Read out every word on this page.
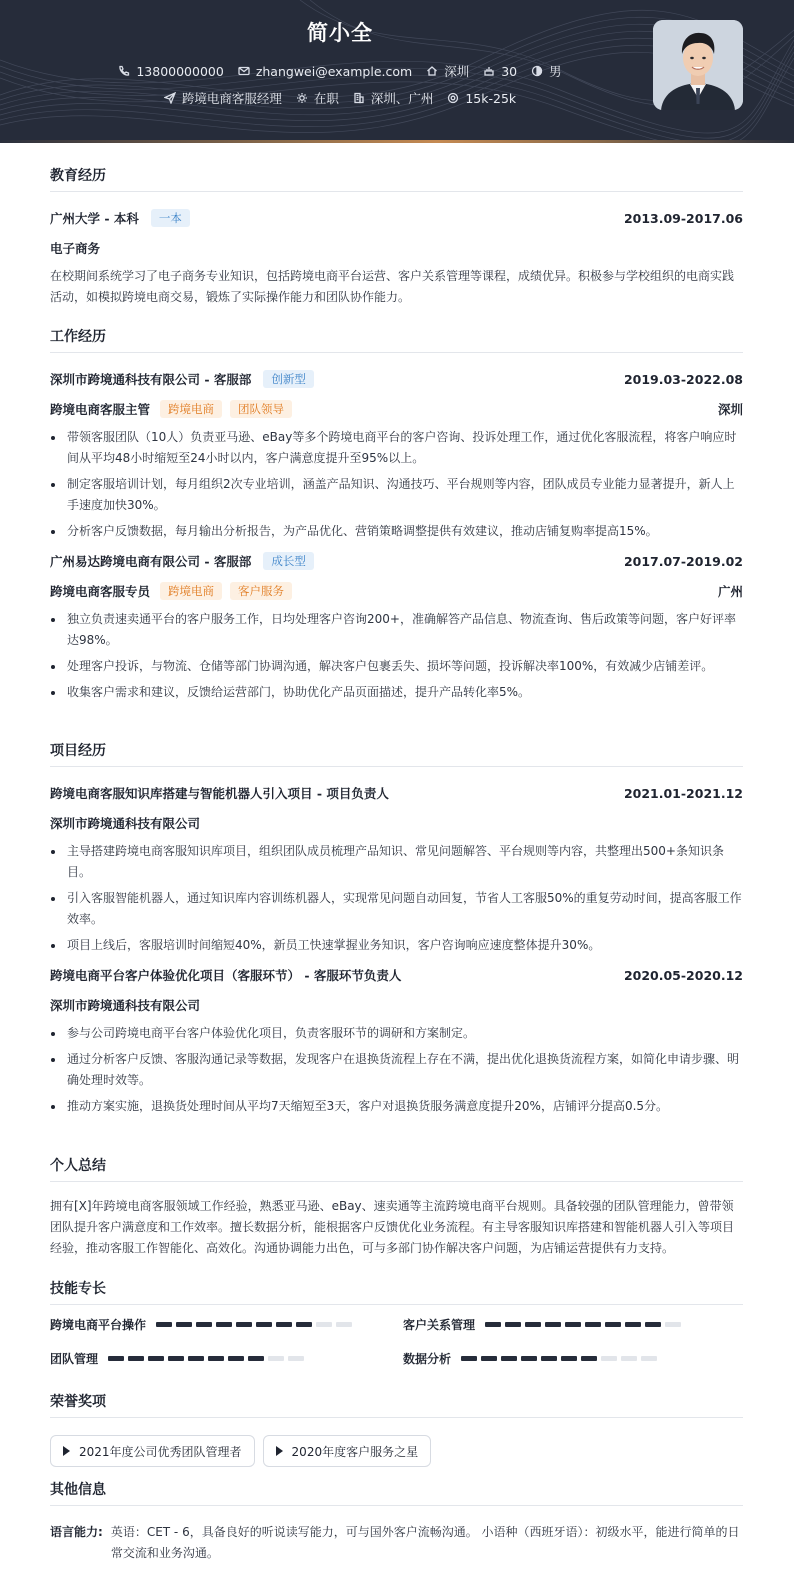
简小全
13800000000	zhangwei@example.com	深圳	30	男
跨境电商客服经理	在职	深圳、广州	15k-25k
教育经历
广州大学 - 本科	一本	2013.09-2017.06
电子商务
在校期间系统学习了电子商务专业知识，包括跨境电商平台运营、客户关系管理等课程，成绩优异。积极参与学校组织的电商实践活动，如模拟跨境电商交易，锻炼了实际操作能力和团队协作能力。
工作经历
深圳市跨境通科技有限公司 - 客服部	创新型	2019.03-2022.08
跨境电商客服主管	跨境电商	团队领导	深圳
带领客服团队（10人）负责亚马逊、eBay等多个跨境电商平台的客户咨询、投诉处理工作，通过优化客服流程，将客户响应时间从平均48小时缩短至24小时以内，客户满意度提升至95%以上。
制定客服培训计划，每月组织2次专业培训，涵盖产品知识、沟通技巧、平台规则等内容，团队成员专业能力显著提升，新人上手速度加快30%。
分析客户反馈数据，每月输出分析报告，为产品优化、营销策略调整提供有效建议，推动店铺复购率提高15%。
广州易达跨境电商有限公司 - 客服部	成长型	2017.07-2019.02
跨境电商客服专员	跨境电商	客户服务	广州
独立负责速卖通平台的客户服务工作，日均处理客户咨询200+，准确解答产品信息、物流查询、售后政策等问题，客户好评率达98%。
处理客户投诉，与物流、仓储等部门协调沟通，解决客户包裹丢失、损坏等问题，投诉解决率100%，有效减少店铺差评。
收集客户需求和建议，反馈给运营部门，协助优化产品页面描述，提升产品转化率5%。
项目经历
跨境电商客服知识库搭建与智能机器人引入项目 - 项目负责人	2021.01-2021.12
深圳市跨境通科技有限公司
主导搭建跨境电商客服知识库项目，组织团队成员梳理产品知识、常见问题解答、平台规则等内容，共整理出500+条知识条目。
引入客服智能机器人，通过知识库内容训练机器人，实现常见问题自动回复，节省人工客服50%的重复劳动时间，提高客服工作效率。
项目上线后，客服培训时间缩短40%，新员工快速掌握业务知识，客户咨询响应速度整体提升30%。
跨境电商平台客户体验优化项目（客服环节） - 客服环节负责人	2020.05-2020.12
深圳市跨境通科技有限公司
参与公司跨境电商平台客户体验优化项目，负责客服环节的调研和方案制定。
通过分析客户反馈、客服沟通记录等数据，发现客户在退换货流程上存在不满，提出优化退换货流程方案，如简化申请步骤、明确处理时效等。
推动方案实施，退换货处理时间从平均7天缩短至3天，客户对退换货服务满意度提升20%，店铺评分提高0.5分。
个人总结
拥有[X]年跨境电商客服领域工作经验，熟悉亚马逊、eBay、速卖通等主流跨境电商平台规则。具备较强的团队管理能力，曾带领团队提升客户满意度和工作效率。擅长数据分析，能根据客户反馈优化业务流程。有主导客服知识库搭建和智能机器人引入等项目经验，推动客服工作智能化、高效化。沟通协调能力出色，可与多部门协作解决客户问题，为店铺运营提供有力支持。
技能专长
跨境电商平台操作	客户关系管理
团队管理	数据分析
荣誉奖项
2021年度公司优秀团队管理者	2020年度客户服务之星
其他信息
语言能力: 英语：CET - 6，具备良好的听说读写能力，可与国外客户流畅沟通。 小语种（西班牙语）：初级水平，能进行简单的日常交流和业务沟通。
